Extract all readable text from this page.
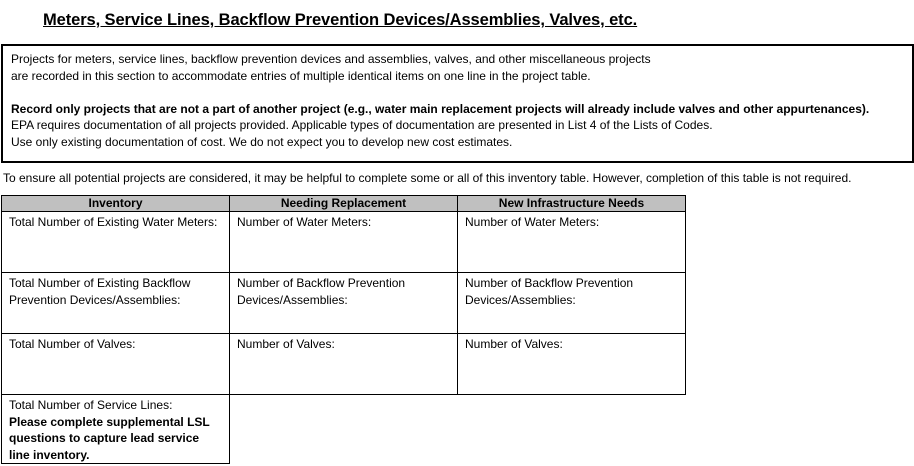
Meters, Service Lines, Backflow Prevention Devices/Assemblies, Valves, etc.

Projects for meters, service lines, backflow prevention devices and assemblies, valves, and other miscellaneous projects

are recorded in this section to accommodate entries of multiple identical items on one line in the project table.

Record only projects that are not a part of another project (e.g., water main replacement projects will already include valves and other appurtenances).

EPA requires documentation of all projects provided. Applicable types of documentation are presented in List 4 of the Lists of Codes.

Use only existing documentation of cost. We do not expect you to develop new cost estimates.

To ensure all potential projects are considered, it may be helpful to complete some or all of this inventory table. However, completion of this table is not required.
Inventory	Needing Replacement	New Infrastructure Needs

Total Number of Existing Water Meters:	Number of Water Meters:	Number of Water Meters:

Total Number of Existing Backflow Prevention Devices/Assemblies:	Number of Backflow Prevention Devices/Assemblies:	Number of Backflow Prevention Devices/Assemblies:

Total Number of Valves:	Number of Valves:	Number of Valves:

Total Number of Service Lines:
Please complete supplemental LSL questions to capture lead service line inventory.		
